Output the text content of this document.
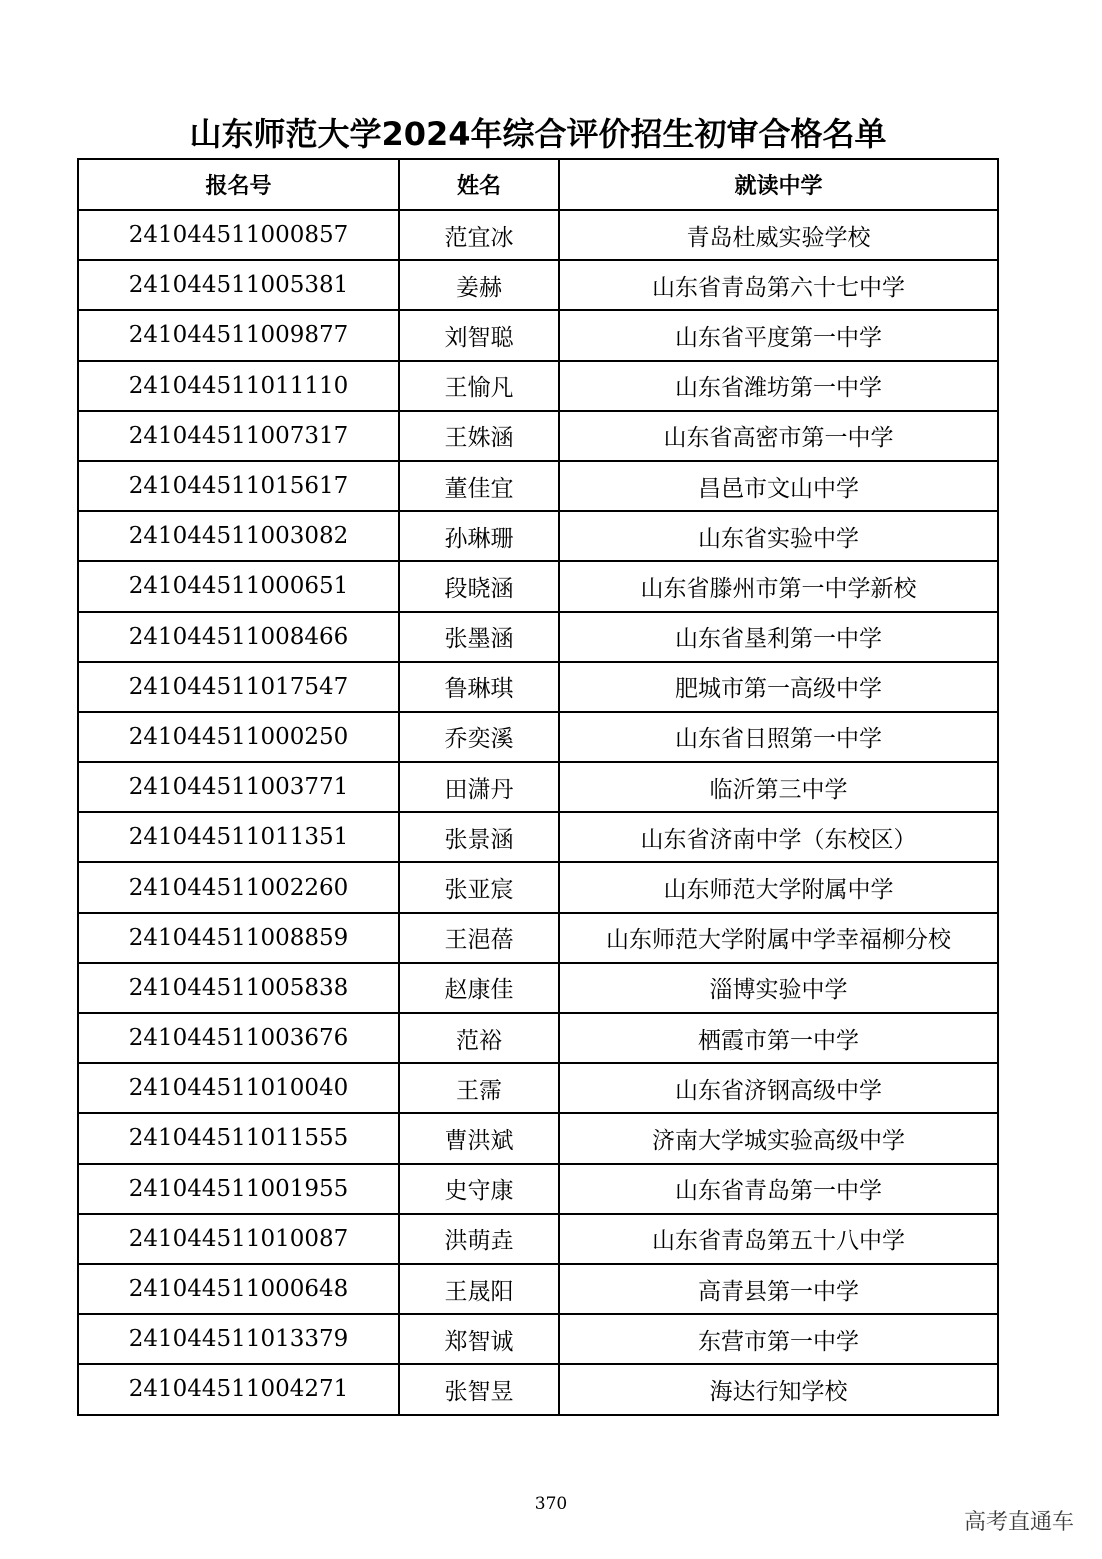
山东师范大学2024年综合评价招生初审合格名单
报名号	姓名	就读中学
241044511000857	范宜冰	青岛杜威实验学校
241044511005381	姜赫	山东省青岛第六十七中学
241044511009877	刘智聪	山东省平度第一中学
241044511011110	王愉凡	山东省潍坊第一中学
241044511007317	王姝涵	山东省高密市第一中学
241044511015617	董佳宜	昌邑市文山中学
241044511003082	孙琳珊	山东省实验中学
241044511000651	段晓涵	山东省滕州市第一中学新校
241044511008466	张墨涵	山东省垦利第一中学
241044511017547	鲁琳琪	肥城市第一高级中学
241044511000250	乔奕溪	山东省日照第一中学
241044511003771	田潇丹	临沂第三中学
241044511011351	张景涵	山东省济南中学（东校区）
241044511002260	张亚宸	山东师范大学附属中学
241044511008859	王浥蓓	山东师范大学附属中学幸福柳分校
241044511005838	赵康佳	淄博实验中学
241044511003676	范裕	栖霞市第一中学
241044511010040	王霈	山东省济钢高级中学
241044511011555	曹洪斌	济南大学城实验高级中学
241044511001955	史守康	山东省青岛第一中学
241044511010087	洪萌垚	山东省青岛第五十八中学
241044511000648	王晟阳	高青县第一中学
241044511013379	郑智诚	东营市第一中学
241044511004271	张智昱	海达行知学校
370
高考直通车
